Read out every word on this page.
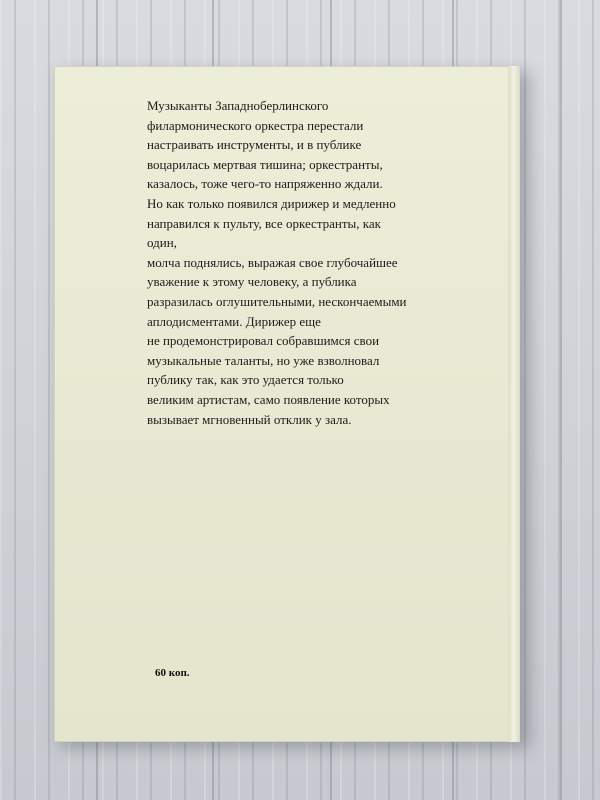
Музыканты Западноберлинского
филармонического оркестра перестали
настраивать инструменты, и в публике
воцарилась мертвая тишина; оркестранты,
казалось, тоже чего-то напряженно ждали.
Но как только появился дирижер и медленно
направился к пульту, все оркестранты, как
один,
молча поднялись, выражая свое глубочайшее
уважение к этому человеку, а публика
разразилась оглушительными, нескончаемыми
аплодисментами. Дирижер еще
не продемонстрировал собравшимся свои
музыкальные таланты, но уже взволновал
публику так, как это удается только
великим артистам, само появление которых
вызывает мгновенный отклик у зала.
60 коп.
